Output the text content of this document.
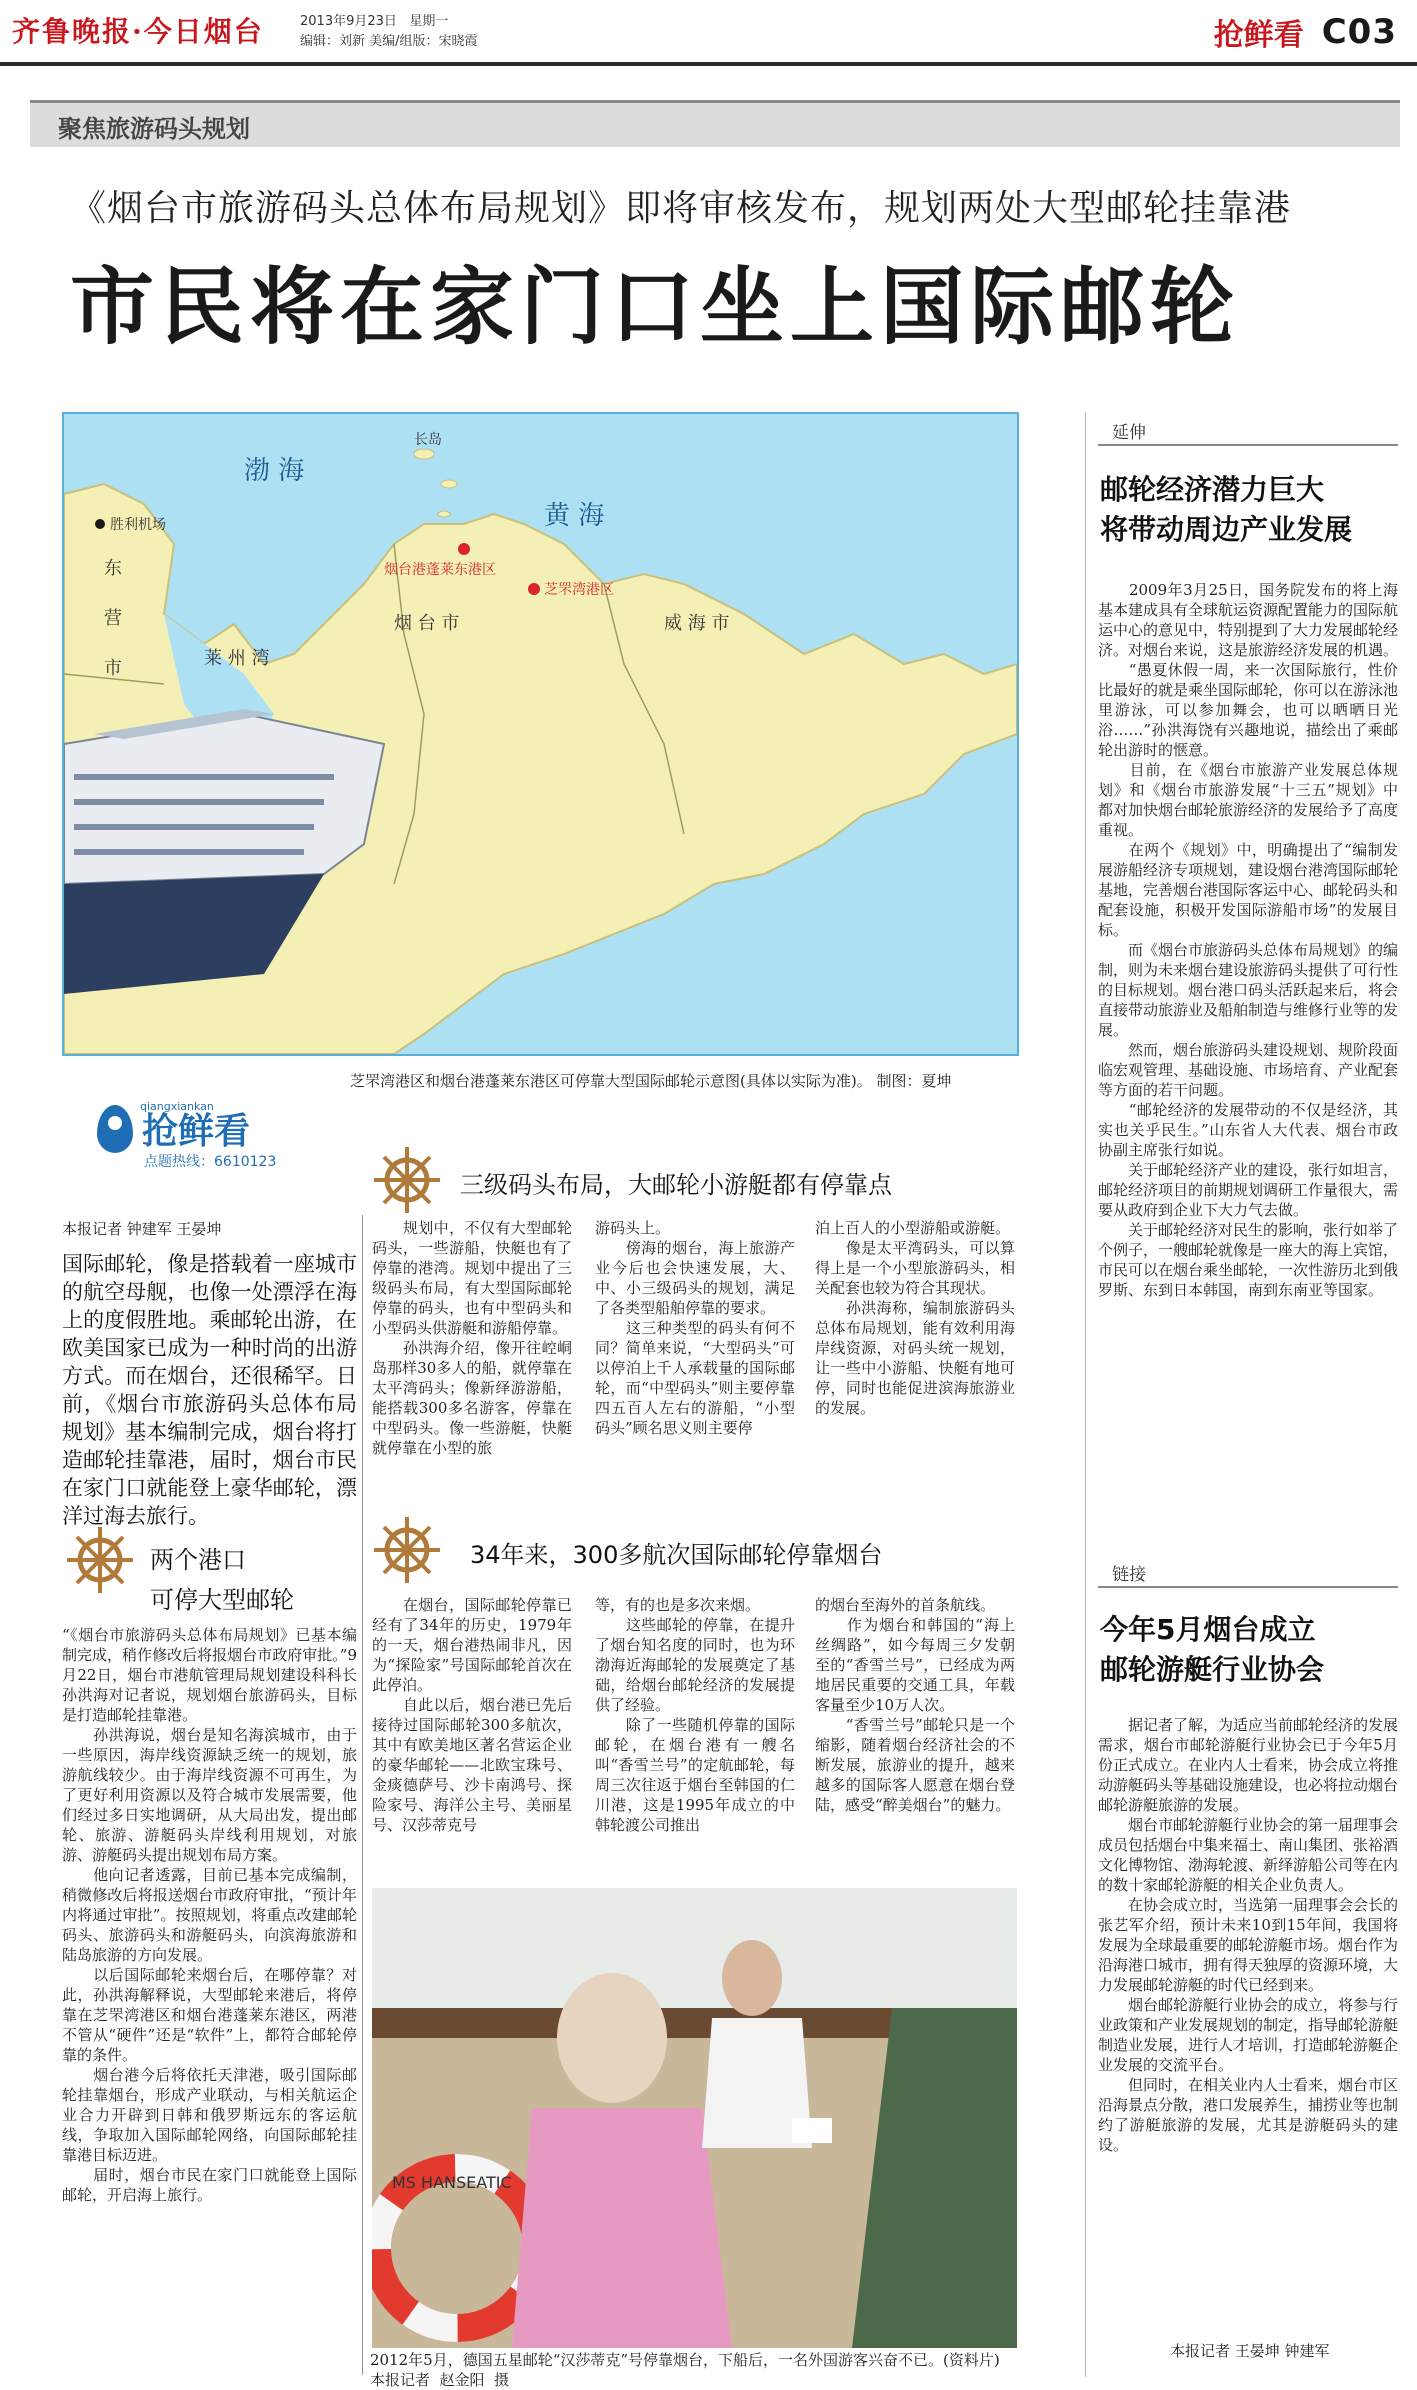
齐鲁晚报·今日烟台	2013年9月23日 星期一
编辑：刘新 美编/组版：宋晓霞	抢鲜看 C03
聚焦旅游码头规划
《烟台市旅游码头总体布局规划》即将审核发布，规划两处大型邮轮挂靠港
市民将在家门口坐上国际邮轮
渤 海
黄 海
长岛
胜利机场
东
营
市	莱 州 湾
烟 台 市	威 海 市
烟台港蓬莱东港区
芝罘湾港区
芝罘湾港区和烟台港蓬莱东港区可停靠大型国际邮轮示意图(具体以实际为准)。 制图：夏坤
抢鲜看
点题热线：6610123
qiangxiankan
本报记者 钟建军 王晏坤
国际邮轮，像是搭载着一座城市的航空母舰，也像一处漂浮在海上的度假胜地。乘邮轮出游，在欧美国家已成为一种时尚的出游方式。而在烟台，还很稀罕。日前，《烟台市旅游码头总体布局规划》基本编制完成，烟台将打造邮轮挂靠港，届时，烟台市民在家门口就能登上豪华邮轮，漂洋过海去旅行。
两个港口
可停大型邮轮
“《烟台市旅游码头总体布局规划》已基本编制完成，稍作修改后将报烟台市政府审批。”9月22日，烟台市港航管理局规划建设科科长孙洪海对记者说，规划烟台旅游码头，目标是打造邮轮挂靠港。
　　孙洪海说，烟台是知名海滨城市，由于一些原因，海岸线资源缺乏统一的规划，旅游航线较少。由于海岸线资源不可再生，为了更好利用资源以及符合城市发展需要，他们经过多日实地调研，从大局出发，提出邮轮、旅游、游艇码头岸线利用规划，对旅游、游艇码头提出规划布局方案。
　　他向记者透露，目前已基本完成编制，稍微修改后将报送烟台市政府审批，“预计年内将通过审批”。按照规划，将重点改建邮轮码头、旅游码头和游艇码头，向滨海旅游和陆岛旅游的方向发展。
　　以后国际邮轮来烟台后，在哪停靠？对此，孙洪海解释说，大型邮轮来港后，将停靠在芝罘湾港区和烟台港蓬莱东港区，两港不管从“硬件”还是“软件”上，都符合邮轮停靠的条件。
　　烟台港今后将依托天津港，吸引国际邮轮挂靠烟台，形成产业联动，与相关航运企业合力开辟到日韩和俄罗斯远东的客运航线，争取加入国际邮轮网络，向国际邮轮挂靠港目标迈进。
　　届时，烟台市民在家门口就能登上国际邮轮，开启海上旅行。
三级码头布局，大邮轮小游艇都有停靠点
　　规划中，不仅有大型邮轮码头，一些游船，快艇也有了停靠的港湾。规划中提出了三级码头布局，有大型国际邮轮停靠的码头，也有中型码头和小型码头供游艇和游船停靠。
　　孙洪海介绍，像开往崆峒岛那样30多人的船，就停靠在太平湾码头；像新绎游游船，能搭载300多名游客，停靠在中型码头。像一些游艇，快艇就停靠在小型的旅
游码头上。
　　傍海的烟台，海上旅游产业今后也会快速发展，大、中、小三级码头的规划，满足了各类型船舶停靠的要求。
　　这三种类型的码头有何不同？简单来说，“大型码头”可以停泊上千人承载量的国际邮轮，而“中型码头”则主要停靠四五百人左右的游船，“小型码头”顾名思义则主要停
泊上百人的小型游船或游艇。
　　像是太平湾码头，可以算得上是一个小型旅游码头，相关配套也较为符合其现状。
　　孙洪海称，编制旅游码头总体布局规划，能有效利用海岸线资源，对码头统一规划，让一些中小游船、快艇有地可停，同时也能促进滨海旅游业的发展。
34年来，300多航次国际邮轮停靠烟台
　　在烟台，国际邮轮停靠已经有了34年的历史，1979年的一天，烟台港热闹非凡，因为“探险家”号国际邮轮首次在此停泊。
　　自此以后，烟台港已先后接待过国际邮轮300多航次，其中有欧美地区著名营运企业的豪华邮轮——北欧宝珠号、金痰德萨号、沙卡南鸿号、探险家号、海洋公主号、美丽星号、汉莎蒂克号
等，有的也是多次来烟。
　　这些邮轮的停靠，在提升了烟台知名度的同时，也为环渤海近海邮轮的发展奠定了基础，给烟台邮轮经济的发展提供了经验。
　　除了一些随机停靠的国际邮轮，在烟台港有一艘名叫“香雪兰号”的定航邮轮，每周三次往返于烟台至韩国的仁川港，这是1995年成立的中韩轮渡公司推出
的烟台至海外的首条航线。
　　作为烟台和韩国的“海上丝绸路”，如今每周三夕发朝至的“香雪兰号”，已经成为两地居民重要的交通工具，年载客量至少10万人次。
　　“香雪兰号”邮轮只是一个缩影，随着烟台经济社会的不断发展，旅游业的提升，越来越多的国际客人愿意在烟台登陆，感受“醉美烟台”的魅力。
MS HANSEATIC
2012年5月，德国五星邮轮“汉莎蒂克”号停靠烟台，下船后，一名外国游客兴奋不已。(资料片)
本报记者  赵金阳  摄
延伸
邮轮经济潜力巨大
将带动周边产业发展
　　2009年3月25日，国务院发布的将上海基本建成具有全球航运资源配置能力的国际航运中心的意见中，特别提到了大力发展邮轮经济。对烟台来说，这是旅游经济发展的机遇。
　　“愚夏休假一周，来一次国际旅行，性价比最好的就是乘坐国际邮轮，你可以在游泳池里游泳，可以参加舞会，也可以晒晒日光浴……”孙洪海饶有兴趣地说，描绘出了乘邮轮出游时的惬意。
　　目前，在《烟台市旅游产业发展总体规划》和《烟台市旅游发展“十三五”规划》中都对加快烟台邮轮旅游经济的发展给予了高度重视。
　　在两个《规划》中，明确提出了“编制发展游船经济专项规划，建设烟台港湾国际邮轮基地，完善烟台港国际客运中心、邮轮码头和配套设施，积极开发国际游船市场”的发展目标。
　　而《烟台市旅游码头总体布局规划》的编制，则为未来烟台建设旅游码头提供了可行性的目标规划。烟台港口码头活跃起来后，将会直接带动旅游业及船舶制造与维修行业等的发展。
　　然而，烟台旅游码头建设规划、规阶段面临宏观管理、基础设施、市场培育、产业配套等方面的若干问题。
　　“邮轮经济的发展带动的不仅是经济，其实也关乎民生。”山东省人大代表、烟台市政协副主席张行如说。
　　关于邮轮经济产业的建设，张行如坦言，邮轮经济项目的前期规划调研工作量很大，需要从政府到企业下大力气去做。
　　关于邮轮经济对民生的影响，张行如举了个例子，一艘邮轮就像是一座大的海上宾馆，市民可以在烟台乘坐邮轮，一次性游历北到俄罗斯、东到日本韩国，南到东南亚等国家。
链接
今年5月烟台成立
邮轮游艇行业协会
　　据记者了解，为适应当前邮轮经济的发展需求，烟台市邮轮游艇行业协会已于今年5月份正式成立。在业内人士看来，协会成立将推动游艇码头等基础设施建设，也必将拉动烟台邮轮游艇旅游的发展。
　　烟台市邮轮游艇行业协会的第一届理事会成员包括烟台中集来福士、南山集团、张裕酒文化博物馆、渤海轮渡、新绎游船公司等在内的数十家邮轮游艇的相关企业负责人。
　　在协会成立时，当选第一届理事会会长的张艺军介绍，预计未来10到15年间，我国将发展为全球最重要的邮轮游艇市场。烟台作为沿海港口城市，拥有得天独厚的资源环境，大力发展邮轮游艇的时代已经到来。
　　烟台邮轮游艇行业协会的成立，将参与行业政策和产业发展规划的制定，指导邮轮游艇制造业发展，进行人才培训，打造邮轮游艇企业发展的交流平台。
　　但同时，在相关业内人士看来，烟台市区沿海景点分散，港口发展养生，捕捞业等也制约了游艇旅游的发展，尤其是游艇码头的建设。
本报记者 王晏坤 钟建军
